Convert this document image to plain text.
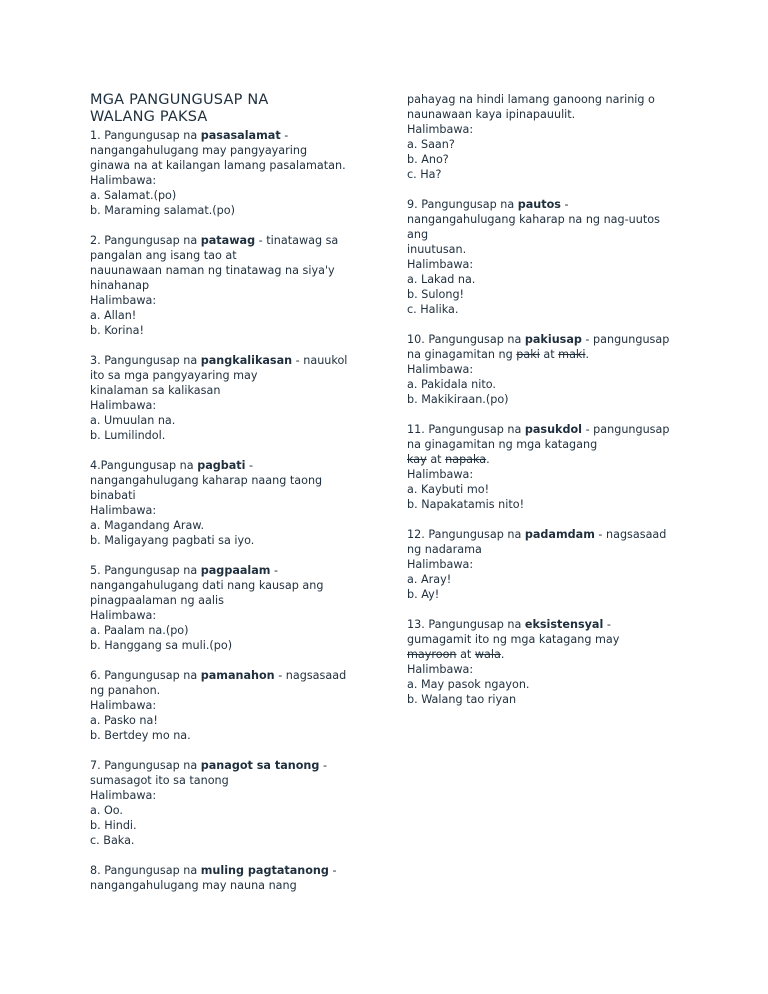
MGA PANGUNGUSAP NA
WALANG PAKSA
1. Pangungusap na pasasalamat -
nangangahulugang may pangyayaring
ginawa na at kailangan lamang pasalamatan.
Halimbawa:
a. Salamat.(po)
b. Maraming salamat.(po)
2. Pangungusap na patawag - tinatawag sa
pangalan ang isang tao at
nauunawaan naman ng tinatawag na siya'y
hinahanap
Halimbawa:
a. Allan!
b. Korina!
3. Pangungusap na pangkalikasan - nauukol
ito sa mga pangyayaring may
kinalaman sa kalikasan
Halimbawa:
a. Umuulan na.
b. Lumilindol.
4.Pangungusap na pagbati -
nangangahulugang kaharap naang taong
binabati
Halimbawa:
a. Magandang Araw.
b. Maligayang pagbati sa iyo.
5. Pangungusap na pagpaalam -
nangangahulugang dati nang kausap ang
pinagpaalaman ng aalis
Halimbawa:
a. Paalam na.(po)
b. Hanggang sa muli.(po)
6. Pangungusap na pamanahon - nagsasaad
ng panahon.
Halimbawa:
a. Pasko na!
b. Bertdey mo na.
7. Pangungusap na panagot sa tanong -
sumasagot ito sa tanong
Halimbawa:
a. Oo.
b. Hindi.
c. Baka.
8. Pangungusap na muling pagtatanong -
nangangahulugang may nauna nang
pahayag na hindi lamang ganoong narinig o
naunawaan kaya ipinapauulit.
Halimbawa:
a. Saan?
b. Ano?
c. Ha?
9. Pangungusap na pautos -
nangangahulugang kaharap na ng nag-uutos
ang
inuutusan.
Halimbawa:
a. Lakad na.
b. Sulong!
c. Halika.
10. Pangungusap na pakiusap - pangungusap
na ginagamitan ng paki at maki.
Halimbawa:
a. Pakidala nito.
b. Makikiraan.(po)
11. Pangungusap na pasukdol - pangungusap
na ginagamitan ng mga katagang
kay at napaka.
Halimbawa:
a. Kaybuti mo!
b. Napakatamis nito!
12. Pangungusap na padamdam - nagsasaad
ng nadarama
Halimbawa:
a. Aray!
b. Ay!
13. Pangungusap na eksistensyal -
gumagamit ito ng mga katagang may
mayroon at wala.
Halimbawa:
a. May pasok ngayon.
b. Walang tao riyan
